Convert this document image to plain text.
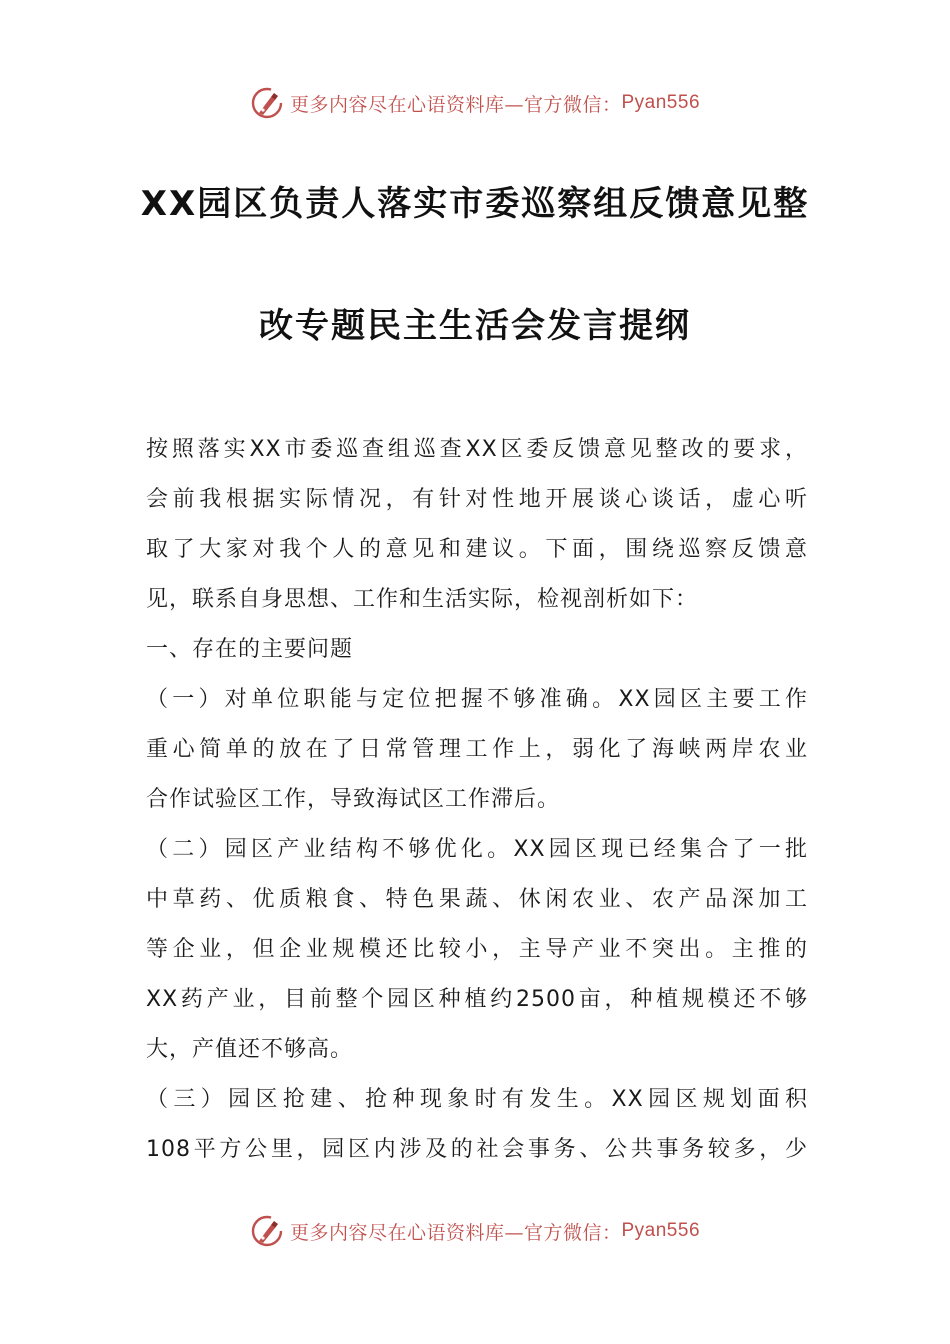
更多内容尽在心语资料库—官方微信： Pyan556
XX园区负责人落实市委巡察组反馈意见整
改专题民主生活会发言提纲
按照落实XX市委巡查组巡查XX区委反馈意见整改的要求，
会前我根据实际情况，有针对性地开展谈心谈话，虚心听
取了大家对我个人的意见和建议。下面，围绕巡察反馈意
见，联系自身思想、工作和生活实际，检视剖析如下：
一、存在的主要问题
（一）对单位职能与定位把握不够准确。XX园区主要工作
重心简单的放在了日常管理工作上，弱化了海峡两岸农业
合作试验区工作，导致海试区工作滞后。
（二）园区产业结构不够优化。XX园区现已经集合了一批
中草药、优质粮食、特色果蔬、休闲农业、农产品深加工
等企业，但企业规模还比较小，主导产业不突出。主推的
XX药产业，目前整个园区种植约2500亩，种植规模还不够
大，产值还不够高。
（三）园区抢建、抢种现象时有发生。XX园区规划面积
108平方公里，园区内涉及的社会事务、公共事务较多，少
更多内容尽在心语资料库—官方微信： Pyan556
